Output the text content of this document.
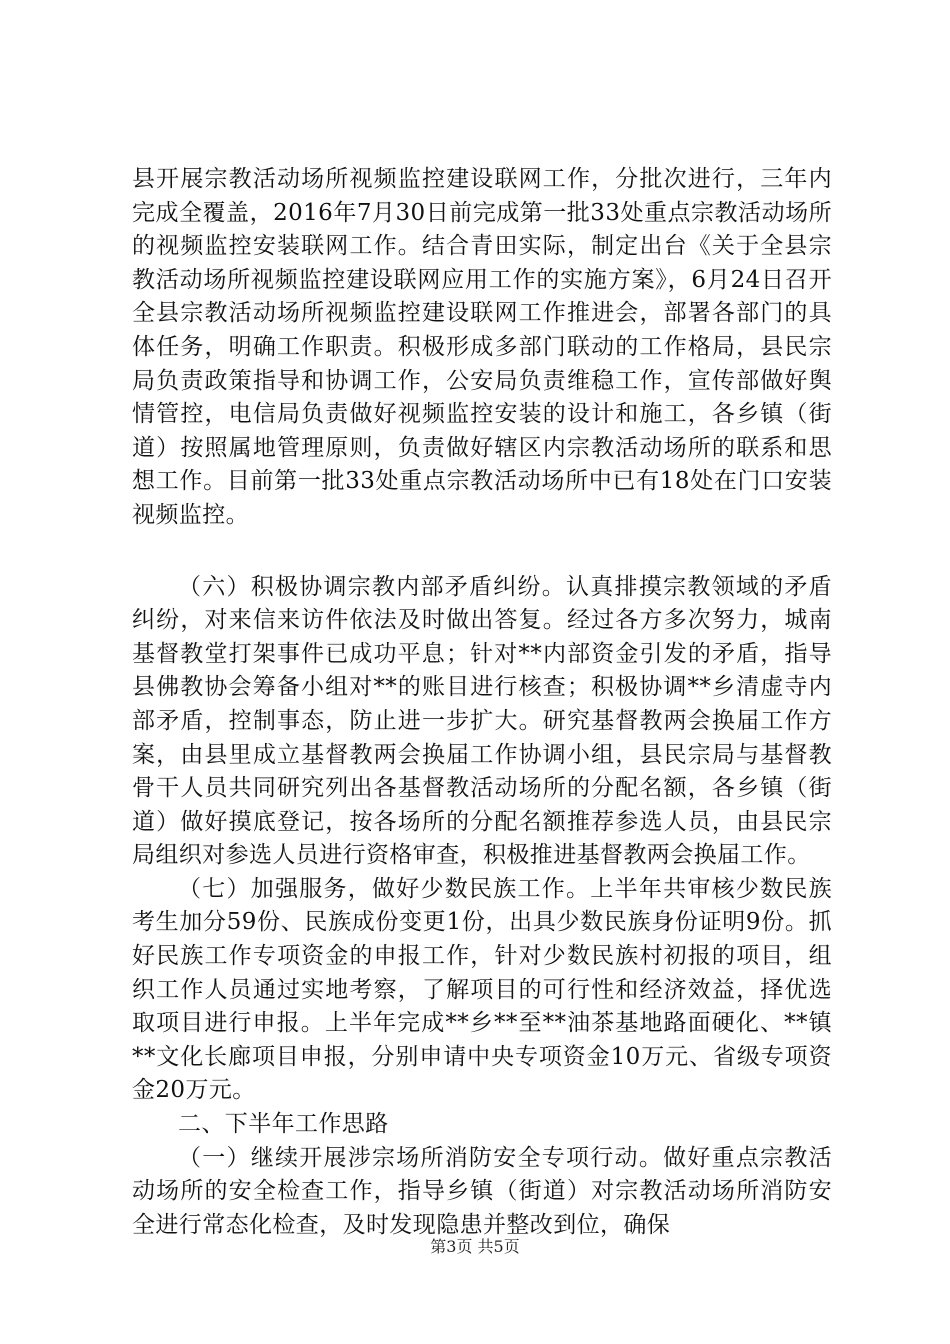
县开展宗教活动场所视频监控建设联网工作，分批次进行，三年内完成全覆盖，2016年7月30日前完成第一批33处重点宗教活动场所的视频监控安装联网工作。结合青田实际，制定出台《关于全县宗教活动场所视频监控建设联网应用工作的实施方案》，6月24日召开全县宗教活动场所视频监控建设联网工作推进会，部署各部门的具体任务，明确工作职责。积极形成多部门联动的工作格局，县民宗局负责政策指导和协调工作，公安局负责维稳工作，宣传部做好舆情管控，电信局负责做好视频监控安装的设计和施工，各乡镇（街道）按照属地管理原则，负责做好辖区内宗教活动场所的联系和思想工作。目前第一批33处重点宗教活动场所中已有18处在门口安装视频监控。

（六）积极协调宗教内部矛盾纠纷。认真排摸宗教领域的矛盾纠纷，对来信来访件依法及时做出答复。经过各方多次努力，城南基督教堂打架事件已成功平息；针对**内部资金引发的矛盾，指导县佛教协会筹备小组对**的账目进行核查；积极协调**乡清虚寺内部矛盾，控制事态，防止进一步扩大。研究基督教两会换届工作方案，由县里成立基督教两会换届工作协调小组，县民宗局与基督教骨干人员共同研究列出各基督教活动场所的分配名额，各乡镇（街道）做好摸底登记，按各场所的分配名额推荐参选人员，由县民宗局组织对参选人员进行资格审查，积极推进基督教两会换届工作。

（七）加强服务，做好少数民族工作。上半年共审核少数民族考生加分59份、民族成份变更1份，出具少数民族身份证明9份。抓好民族工作专项资金的申报工作，针对少数民族村初报的项目，组织工作人员通过实地考察，了解项目的可行性和经济效益，择优选取项目进行申报。上半年完成**乡**至**油茶基地路面硬化、**镇**文化长廊项目申报，分别申请中央专项资金10万元、省级专项资金20万元。

二、下半年工作思路

（一）继续开展涉宗场所消防安全专项行动。做好重点宗教活动场所的安全检查工作，指导乡镇（街道）对宗教活动场所消防安全进行常态化检查，及时发现隐患并整改到位，确保

第3页 共5页
